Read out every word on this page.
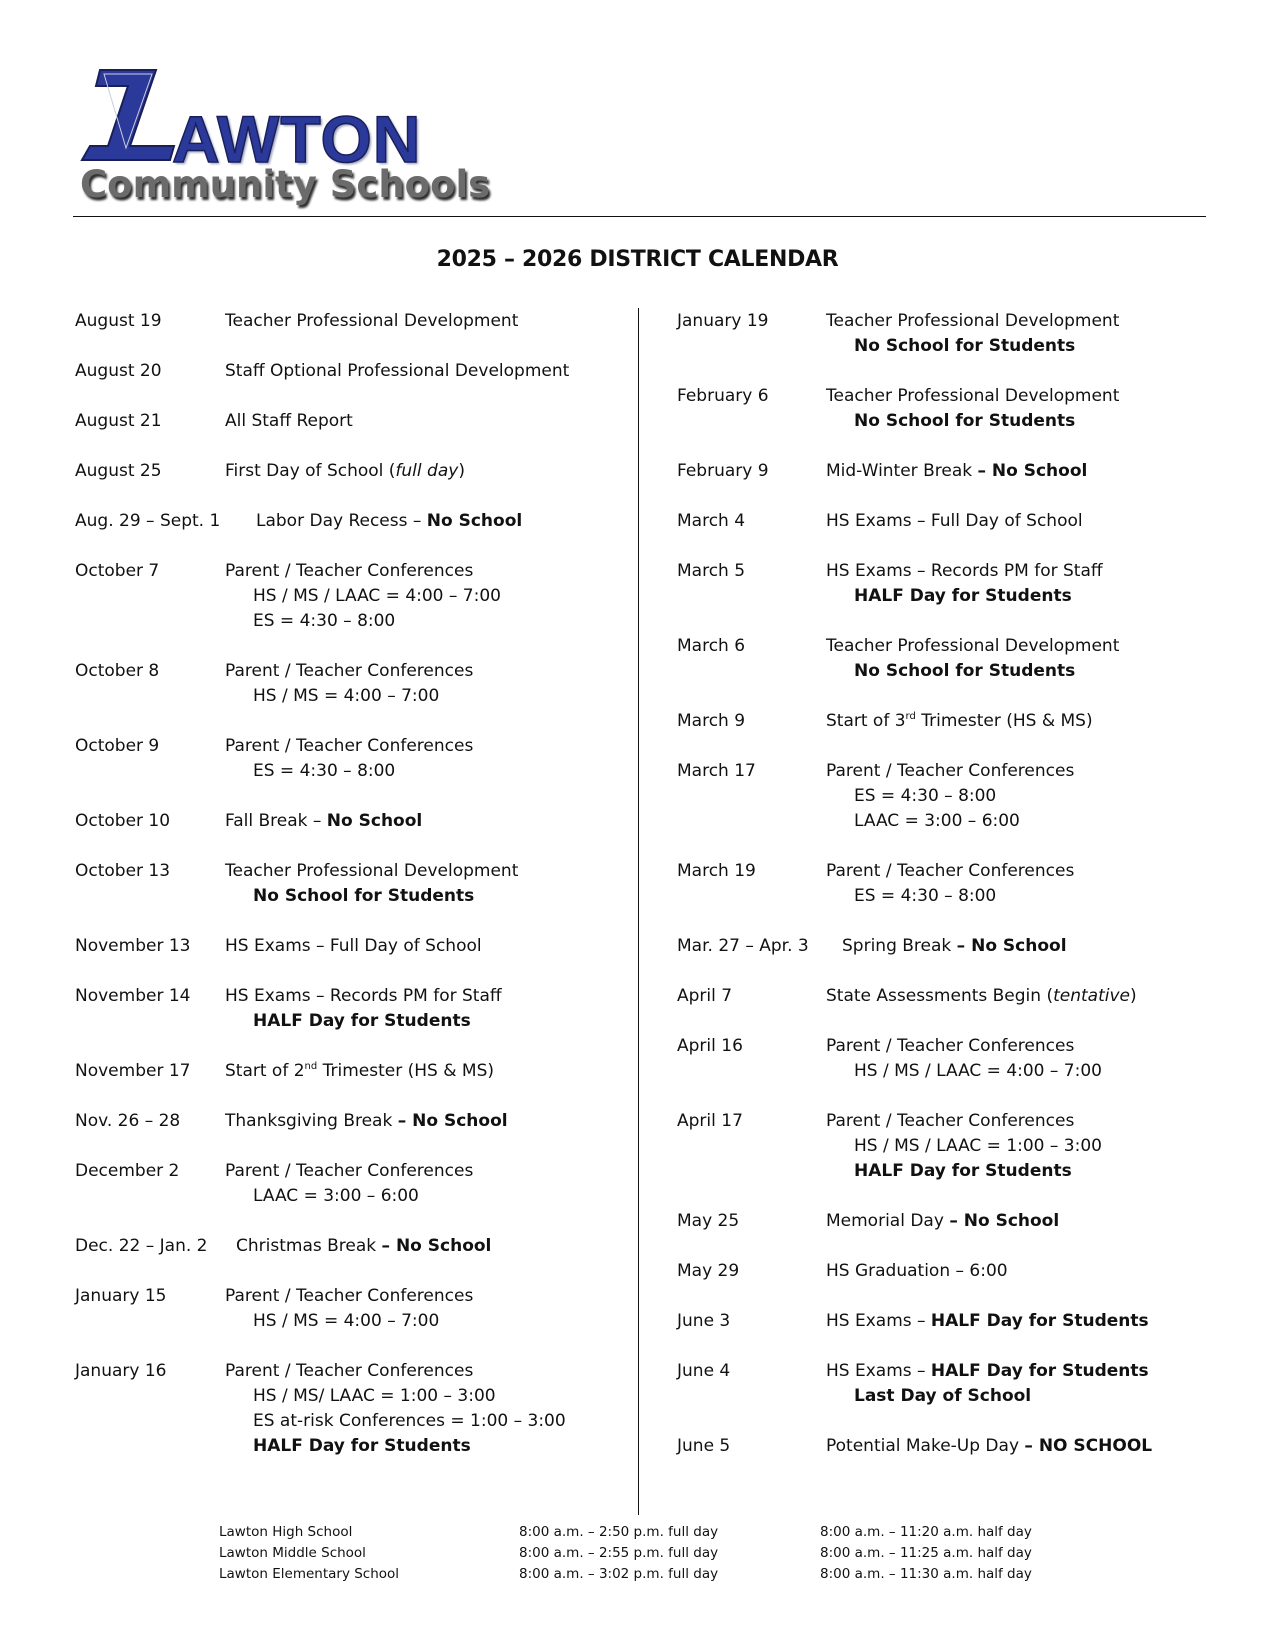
AWTON
Community Schools
2025 – 2026 DISTRICT CALENDAR
August 19	Teacher Professional Development
August 20	Staff Optional Professional Development
August 21	All Staff Report
August 25	First Day of School (full day)
Aug. 29 – Sept. 1 Labor Day Recess – No School
October 7	Parent / Teacher Conferences
HS / MS / LAAC = 4:00 – 7:00
ES = 4:30 – 8:00
October 8	Parent / Teacher Conferences
HS / MS = 4:00 – 7:00
October 9	Parent / Teacher Conferences
ES = 4:30 – 8:00
October 10	Fall Break – No School
October 13	Teacher Professional Development
No School for Students
November 13 HS Exams – Full Day of School
November 14 HS Exams – Records PM for Staff
HALF Day for Students
November 17 Start of 2nd Trimester (HS & MS)
Nov. 26 – 28	Thanksgiving Break – No School
December 2	Parent / Teacher Conferences
LAAC = 3:00 – 6:00
Dec. 22 – Jan. 2 Christmas Break – No School
January 15	Parent / Teacher Conferences
HS / MS = 4:00 – 7:00
January 16	Parent / Teacher Conferences
HS / MS/ LAAC = 1:00 – 3:00
ES at-risk Conferences = 1:00 – 3:00
HALF Day for Students
January 19	Teacher Professional Development
No School for Students
February 6	Teacher Professional Development
No School for Students
February 9	Mid-Winter Break – No School
March 4	HS Exams – Full Day of School
March 5	HS Exams – Records PM for Staff
HALF Day for Students
March 6	Teacher Professional Development
No School for Students
March 9	Start of 3rd Trimester (HS & MS)
March 17	Parent / Teacher Conferences
ES = 4:30 – 8:00
LAAC = 3:00 – 6:00
March 19	Parent / Teacher Conferences
ES = 4:30 – 8:00
Mar. 27 – Apr. 3 Spring Break – No School
April 7	State Assessments Begin (tentative)
April 16	Parent / Teacher Conferences
HS / MS / LAAC = 4:00 – 7:00
April 17	Parent / Teacher Conferences
HS / MS / LAAC = 1:00 – 3:00
HALF Day for Students
May 25	Memorial Day – No School
May 29	HS Graduation – 6:00
June 3	HS Exams – HALF Day for Students
June 4	HS Exams – HALF Day for Students
Last Day of School
June 5	Potential Make-Up Day – NO SCHOOL
Lawton High School	8:00 a.m. – 2:50 p.m. full day	8:00 a.m. – 11:20 a.m. half day
Lawton Middle School	8:00 a.m. – 2:55 p.m. full day	8:00 a.m. – 11:25 a.m. half day
Lawton Elementary School	8:00 a.m. – 3:02 p.m. full day	8:00 a.m. – 11:30 a.m. half day
